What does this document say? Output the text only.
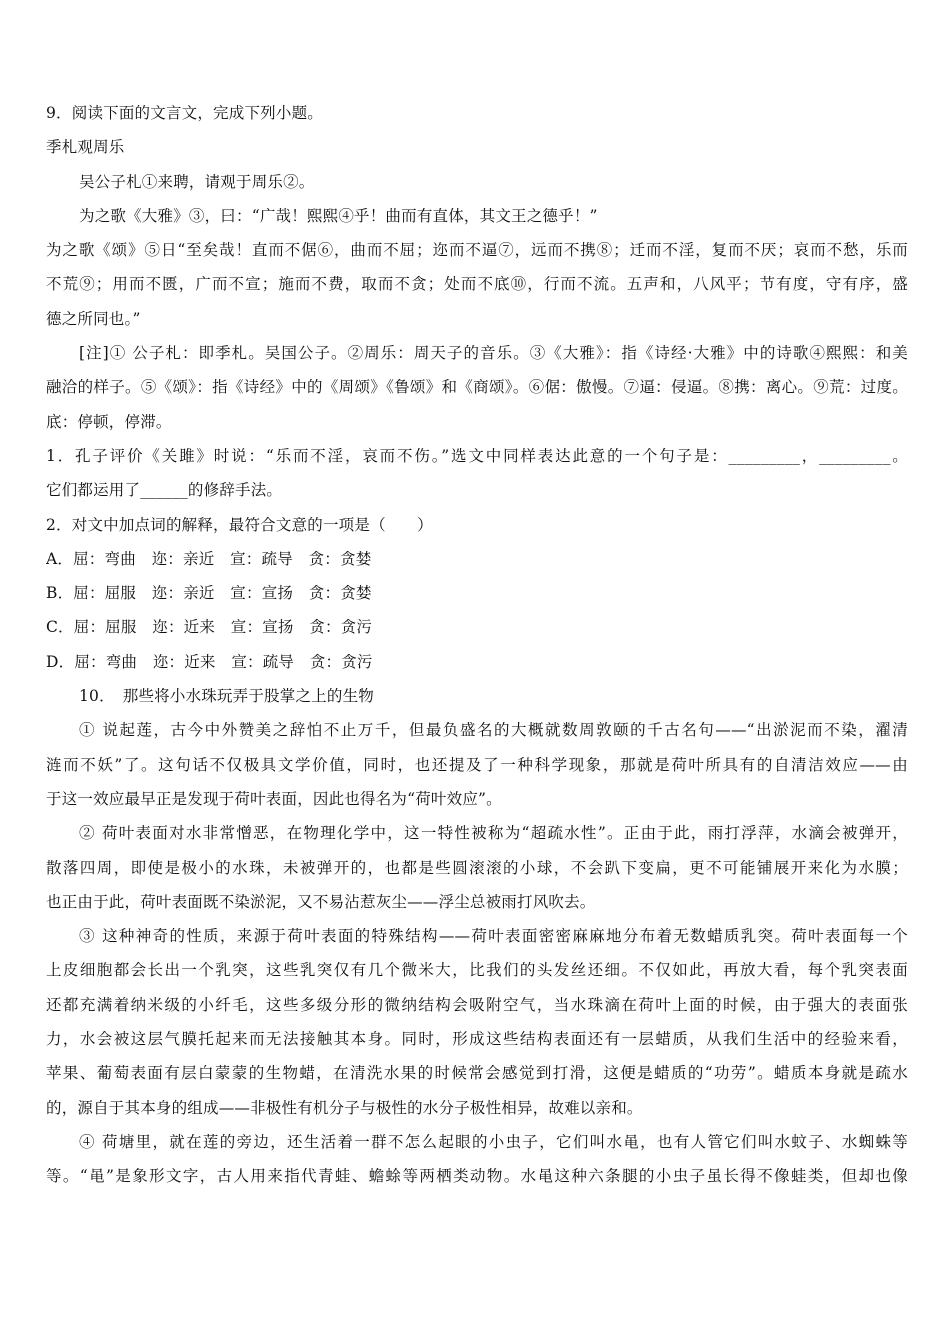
9．阅读下面的文言文，完成下列小题。

季札观周乐

吴公子札①来聘，请观于周乐②。

为之歌《大雅》③，曰：“广哉！熙熙④乎！曲而有直体，其文王之德乎！”

为之歌《颂》⑤日“至矣哉！直而不倨⑥，曲而不屈；迩而不逼⑦，远而不携⑧；迁而不淫，复而不厌；哀而不愁，乐而

不荒⑨；用而不匮，广而不宣；施而不费，取而不贪；处而不底⑩，行而不流。五声和，八风平；节有度，守有序，盛

德之所同也。”

[注]① 公子札：即季札。吴国公子。②周乐：周天子的音乐。③《大雅》：指《诗经·大雅》中的诗歌④熙熙：和美

融洽的样子。⑤《颂》：指《诗经》中的《周颂》《鲁颂》和《商颂》。⑥倨：傲慢。⑦逼：侵逼。⑧携：离心。⑨荒：过度。

底：停顿，停滞。

1．孔子评价《关雎》时说：“乐而不淫，哀而不伤。”选文中同样表达此意的一个句子是：_________，_________。

它们都运用了______的修辞手法。

2．对文中加点词的解释，最符合文意的一项是（　　）

A．屈：弯曲　迩：亲近　宣：疏导　贪：贪婪

B．屈：屈服　迩：亲近　宣：宣扬　贪：贪婪

C．屈：屈服　迩：近来　宣：宣扬　贪：贪污

D．屈：弯曲　迩：近来　宣：疏导　贪：贪污

10．　那些将小水珠玩弄于股掌之上的生物

① 说起莲，古今中外赞美之辞怕不止万千，但最负盛名的大概就数周敦颐的千古名句——“出淤泥而不染，濯清

涟而不妖”了。这句话不仅极具文学价值，同时，也还提及了一种科学现象，那就是荷叶所具有的自清洁效应——由

于这一效应最早正是发现于荷叶表面，因此也得名为“荷叶效应”。

② 荷叶表面对水非常憎恶，在物理化学中，这一特性被称为“超疏水性”。正由于此，雨打浮萍，水滴会被弹开，

散落四周，即使是极小的水珠，未被弹开的，也都是些圆滚滚的小球，不会趴下变扁，更不可能铺展开来化为水膜；

也正由于此，荷叶表面既不染淤泥，又不易沾惹灰尘——浮尘总被雨打风吹去。

③ 这种神奇的性质，来源于荷叶表面的特殊结构——荷叶表面密密麻麻地分布着无数蜡质乳突。荷叶表面每一个

上皮细胞都会长出一个乳突，这些乳突仅有几个微米大，比我们的头发丝还细。不仅如此，再放大看，每个乳突表面

还都充满着纳米级的小纤毛，这些多级分形的微纳结构会吸附空气，当水珠滴在荷叶上面的时候，由于强大的表面张

力，水会被这层气膜托起来而无法接触其本身。同时，形成这些结构表面还有一层蜡质，从我们生活中的经验来看，

苹果、葡萄表面有层白蒙蒙的生物蜡，在清洗水果的时候常会感觉到打滑，这便是蜡质的“功劳”。蜡质本身就是疏水

的，源自于其本身的组成——非极性有机分子与极性的水分子极性相异，故难以亲和。

④ 荷塘里，就在莲的旁边，还生活着一群不怎么起眼的小虫子，它们叫水黾，也有人管它们叫水蚊子、水蜘蛛等

等。“黾”是象形文字，古人用来指代青蛙、蟾蜍等两栖类动物。水黾这种六条腿的小虫子虽长得不像蛙类，但却也像
